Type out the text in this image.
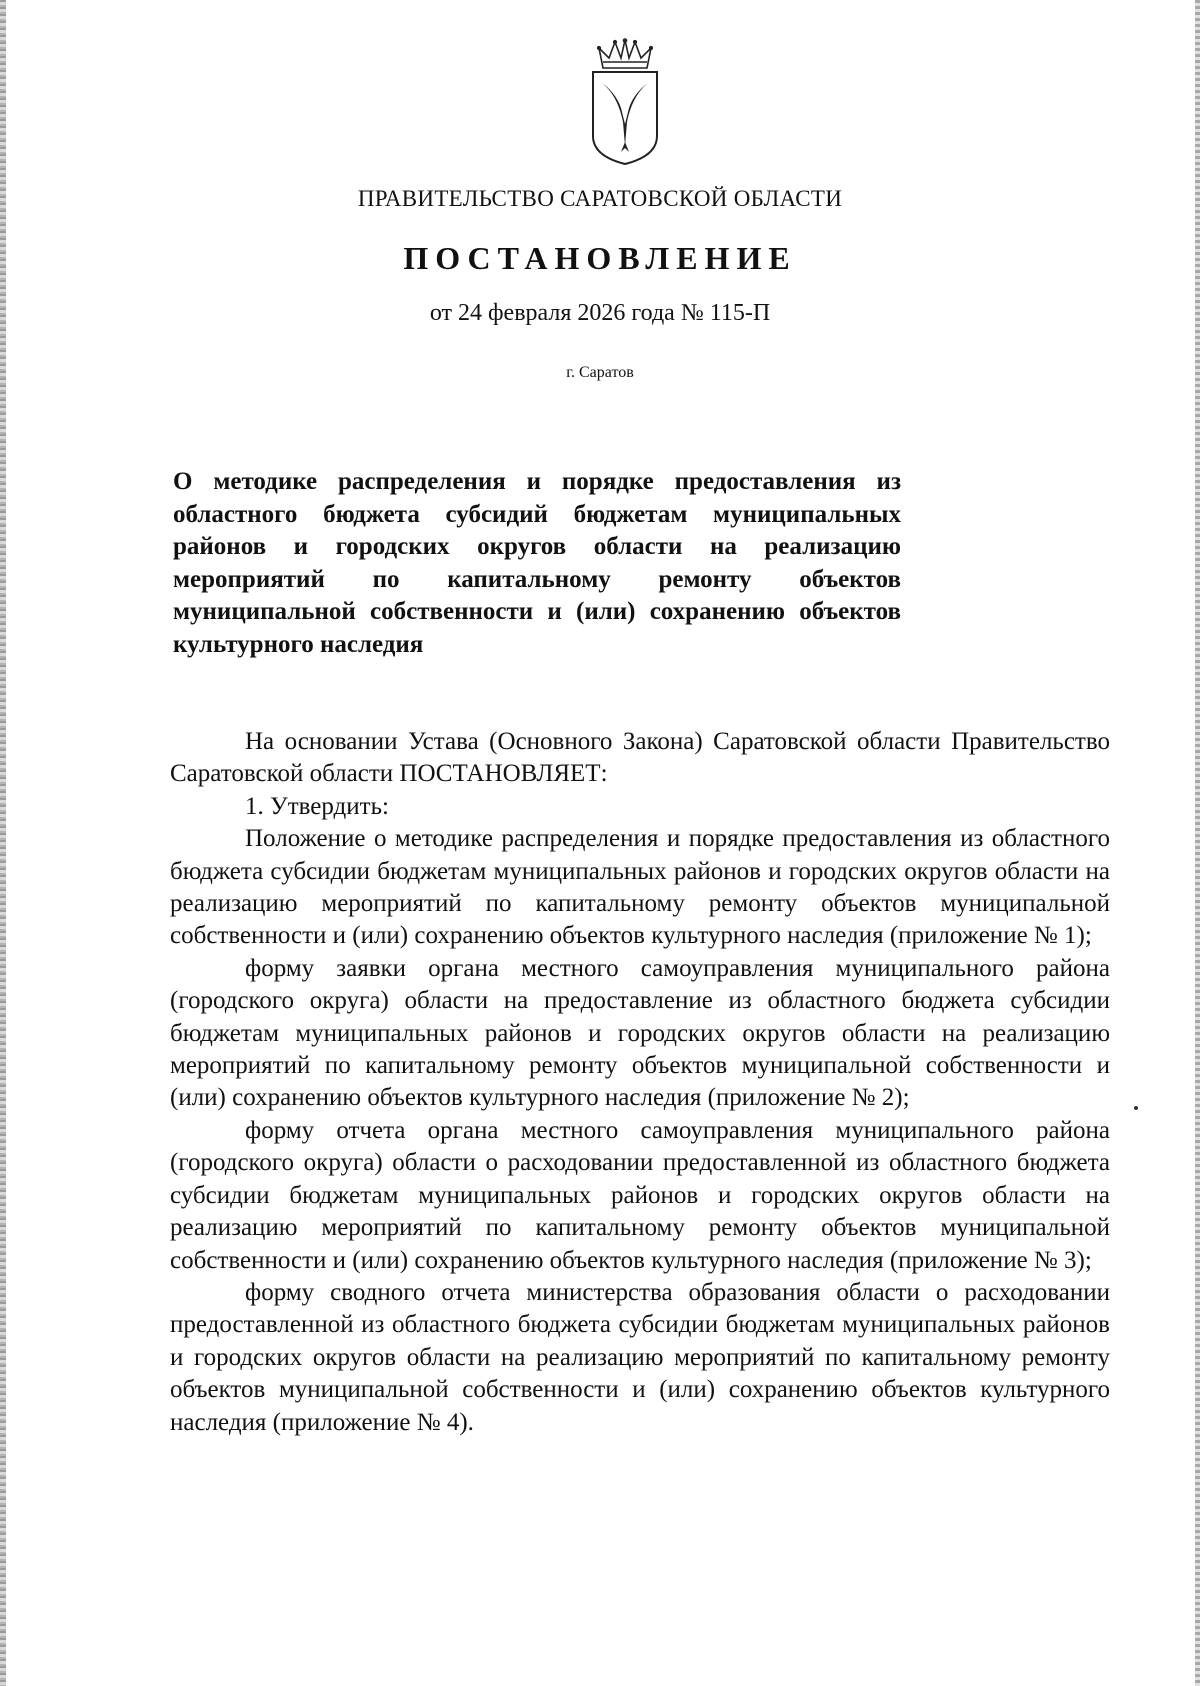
ПРАВИТЕЛЬСТВО САРАТОВСКОЙ ОБЛАСТИ
ПОСТАНОВЛЕНИЕ
от 24 февраля 2026 года № 115-П
г. Саратов
О методике распределения и порядке предоставления из областного бюджета субсидий бюджетам муниципальных районов и городских округов области на реализацию мероприятий по капитальному ремонту объектов муниципальной собственности и (или) сохранению объектов культурного наследия

На основании Устава (Основного Закона) Саратовской области Правительство Саратовской области ПОСТАНОВЛЯЕТ:

1. Утвердить:

Положение о методике распределения и порядке предоставления из областного бюджета субсидии бюджетам муниципальных районов и городских округов области на реализацию мероприятий по капитальному ремонту объектов муниципальной собственности и (или) сохранению объектов культурного наследия (приложение № 1);

форму заявки органа местного самоуправления муниципального района (городского округа) области на предоставление из областного бюджета субсидии бюджетам муниципальных районов и городских округов области на реализацию мероприятий по капитальному ремонту объектов муниципальной собственности и (или) сохранению объектов культурного наследия (приложение № 2);

форму отчета органа местного самоуправления муниципального района (городского округа) области о расходовании предоставленной из областного бюджета субсидии бюджетам муниципальных районов и городских округов области на реализацию мероприятий по капитальному ремонту объектов муниципальной собственности и (или) сохранению объектов культурного наследия (приложение № 3);

форму сводного отчета министерства образования области о расходовании предоставленной из областного бюджета субсидии бюджетам муниципальных районов и городских округов области на реализацию мероприятий по капитальному ремонту объектов муниципальной собственности и (или) сохранению объектов культурного наследия (приложение № 4).
